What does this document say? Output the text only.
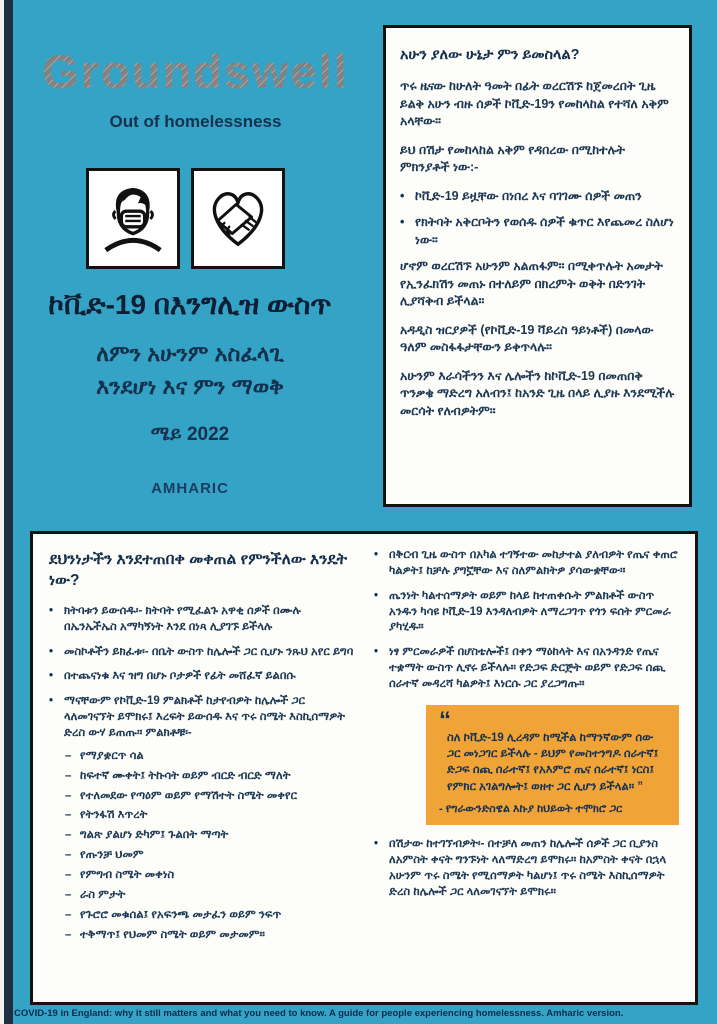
Groundswell
Out of homelessness
ኮቪድ-19 በእንግሊዝ ውስጥ
ለምን አሁንም አስፈላጊ
እንደሆነ እና ምን ማወቅ
ሜይ 2022
AMHARIC
አሁን ያለው ሁኔታ ምን ይመስላል?

ጥሩ ዜናው ከሁለት ዓመት በፊት ወረርሽኙ ከጀመረበት ጊዜ ይልቅ አሁን ብዙ ሰዎች ኮቪድ-19ን የመከላከል የተሻለ አቅም አላቸው።

ይህ በሽታ የመከላከል አቅም የዳበረው በሚከተሉት ምክንያቶች ነው:-

• ኮቪድ-19 ይዟቸው በነበረ እና ባገገሙ ሰዎች መጠን
• የክትባት አቅርቦትን የወሰዱ ሰዎች ቁጥር እየጨመረ ስለሆነ ነው።

ሆኖም ወረርሽኙ አሁንም አልጠፋም። በሚቀጥሉት አመታት የኢንፈክሽን መጠኑ በተለይም በክረምት ወቅት በድንገት ሊያሻቅብ ይችላል።

አዳዲስ ዝርያዎች (የኮቪድ-19 ቫይረስ ዓይነቶች) በመላው ዓለም መስፋፋታቸውን ይቀጥላሉ።

አሁንም እራሳችንን እና ሌሎችን ከኮቪድ-19 በመጠበቅ ጥንቃቄ ማድረግ አለብን፤ ከአንድ ጊዜ በላይ ሊያዙ እንደሚችሉ መርሳት የለብዎትም።

ደህንነታችን እንደተጠበቀ መቀጠል የምንችለው እንዴት ነው?
• ክትባቱን ይውሰዱ፡- ክትባት የሚፈልጉ አዋቂ ሰዎች በሙሉ በኤንኤችኤስ አማካኝነት እንደ በነጻ ሊያገኙ ይችላሉ
• መስኮቶችን ይክፈቱ፡- በቤት ውስጥ ከሌሎች ጋር ሲሆኑ ንጹህ አየር ይግባ
• በተጨናነቁ እና ዝግ በሆኑ ቦታዎች የፊት መሸፈኛ ይልበሱ
• ማናቸውም የኮቪድ-19 ምልክቶች ከታየብዎት ከሌሎች ጋር ላለመገናኘት ይሞክሩ፤ እረፍት ይውሰዱ እና ጥሩ ስሜት እስኪሰማዎት ድረስ ውሃ ይጠጡ። ምልክቶቹ፡-
– የማያቋርጥ ሳል
– ከፍተኛ ሙቀት፤ ትኩሳት ወይም ብርድ ብርድ ማለት
– የተለመደው የጣዕም ወይም የማሽተት ስሜት መቀየር
– የትንፋሽ እጥረት
– ግልጽ ያልሆነ ድካም፤ ጉልበት ማጣት
– የጡንቻ ህመም
– የምግብ ስሜት መቀነስ
– ራስ ምታት
– የጉሮሮ መቁሰል፤ የአፍንጫ መታፈን ወይም ንፍጥ
– ተቅማጥ፤ የህመም ስሜት ወይም መታመም።
• በቅርብ ጊዜ ውስጥ በአካል ተገኝተው መከታተል ያለብዎት የጤና ቀጠሮ ካልዎት፤ ከቻሉ ያግኟቸው እና ስለምልክትዎ ያሳውቋቸው።
• ጤንነት ካልተሰማዎት ወይም ከላይ ከተጠቀሱት ምልክቶች ውስጥ አንዱን ካሳዩ ኮቪድ-19 እንዳለብዎት ለማረጋገጥ የጎን ፍሰት ምርመራ ያካሂዱ።
• ነፃ ምርመራዎች በሆስቴሎች፤ በቀን ማዕከላት እና በአንዳንድ የጤና ተቋማት ውስጥ ሊኖሩ ይችላሉ። የድጋፍ ድርጅት ወይም የድጋፍ ሰጪ ሰራተኛ መዳረሻ ካልዎት፤ እነርሱ ጋር ያረጋግጡ።
“
ስለ ኮቪድ-19 ሊረዳም ከሚችል ከማንኛውም ሰው ጋር መነጋገር ይችላሉ - ይህም የመስተንግዶ ሰራተኛ፤ ድጋፍ ሰጪ ሰራተኛ፤ የአእምሮ ጤና ሰራተኛ፤ ነርስ፤ የምክር አገልግሎት፤ ወዘተ ጋር ሊሆን ይችላል። ”
- የግራውንድስዌል እኩያ ከህይወት ተሞክሮ ጋር
• በሽታው ከተገኘብዎት፡- በተቻለ መጠን ከሌሎች ሰዎች ጋር ቢያንስ ለአምስት ቀናት ግንኙነት ላለማድረግ ይሞክሩ። ከአምስት ቀናት በኋላ አሁንም ጥሩ ስሜት የሚሰማዎት ካልሆነ፤ ጥሩ ስሜት እስኪሰማዎት ድረስ ከሌሎች ጋር ላለመገናኘት ይሞክሩ።
COVID-19 in England: why it still matters and what you need to know. A guide for people experiencing homelessness. Amharic version.
